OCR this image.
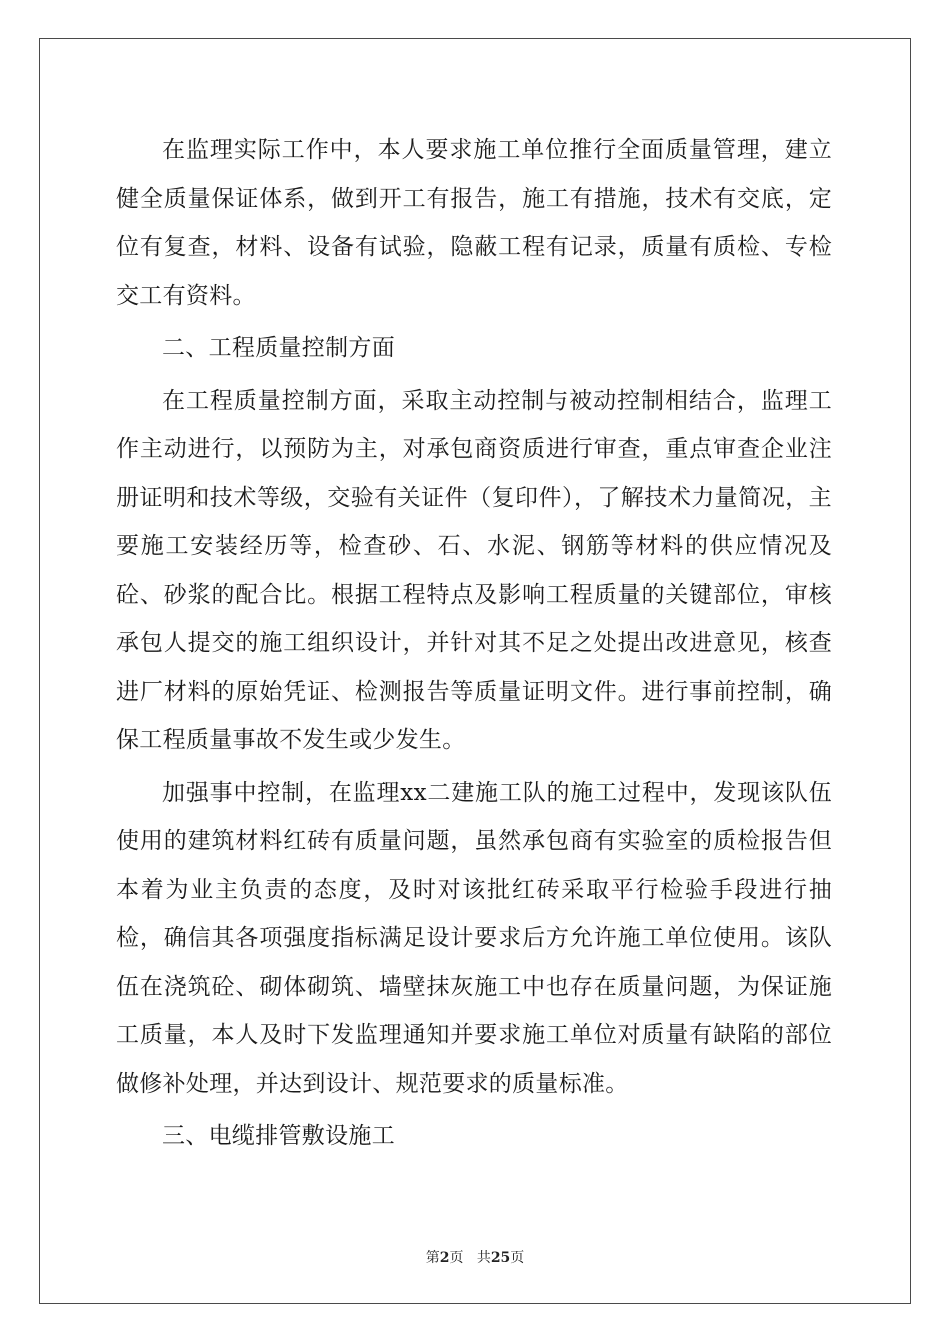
在监理实际工作中，本人要求施工单位推行全面质量管理，建立健全质量保证体系，做到开工有报告，施工有措施，技术有交底，定位有复查，材料、设备有试验，隐蔽工程有记录，质量有质检、专检交工有资料。

二、工程质量控制方面

在工程质量控制方面，采取主动控制与被动控制相结合，监理工作主动进行，以预防为主，对承包商资质进行审查，重点审查企业注册证明和技术等级，交验有关证件（复印件），了解技术力量简况，主要施工安装经历等，检查砂、石、水泥、钢筋等材料的供应情况及砼、砂浆的配合比。根据工程特点及影响工程质量的关键部位，审核承包人提交的施工组织设计，并针对其不足之处提出改进意见，核查进厂材料的原始凭证、检测报告等质量证明文件。进行事前控制，确保工程质量事故不发生或少发生。

加强事中控制，在监理xx二建施工队的施工过程中，发现该队伍使用的建筑材料红砖有质量问题，虽然承包商有实验室的质检报告但本着为业主负责的态度，及时对该批红砖采取平行检验手段进行抽检，确信其各项强度指标满足设计要求后方允许施工单位使用。该队伍在浇筑砼、砌体砌筑、墙壁抹灰施工中也存在质量问题，为保证施工质量，本人及时下发监理通知并要求施工单位对质量有缺陷的部位做修补处理，并达到设计、规范要求的质量标准。

三、电缆排管敷设施工

第2页 共25页
